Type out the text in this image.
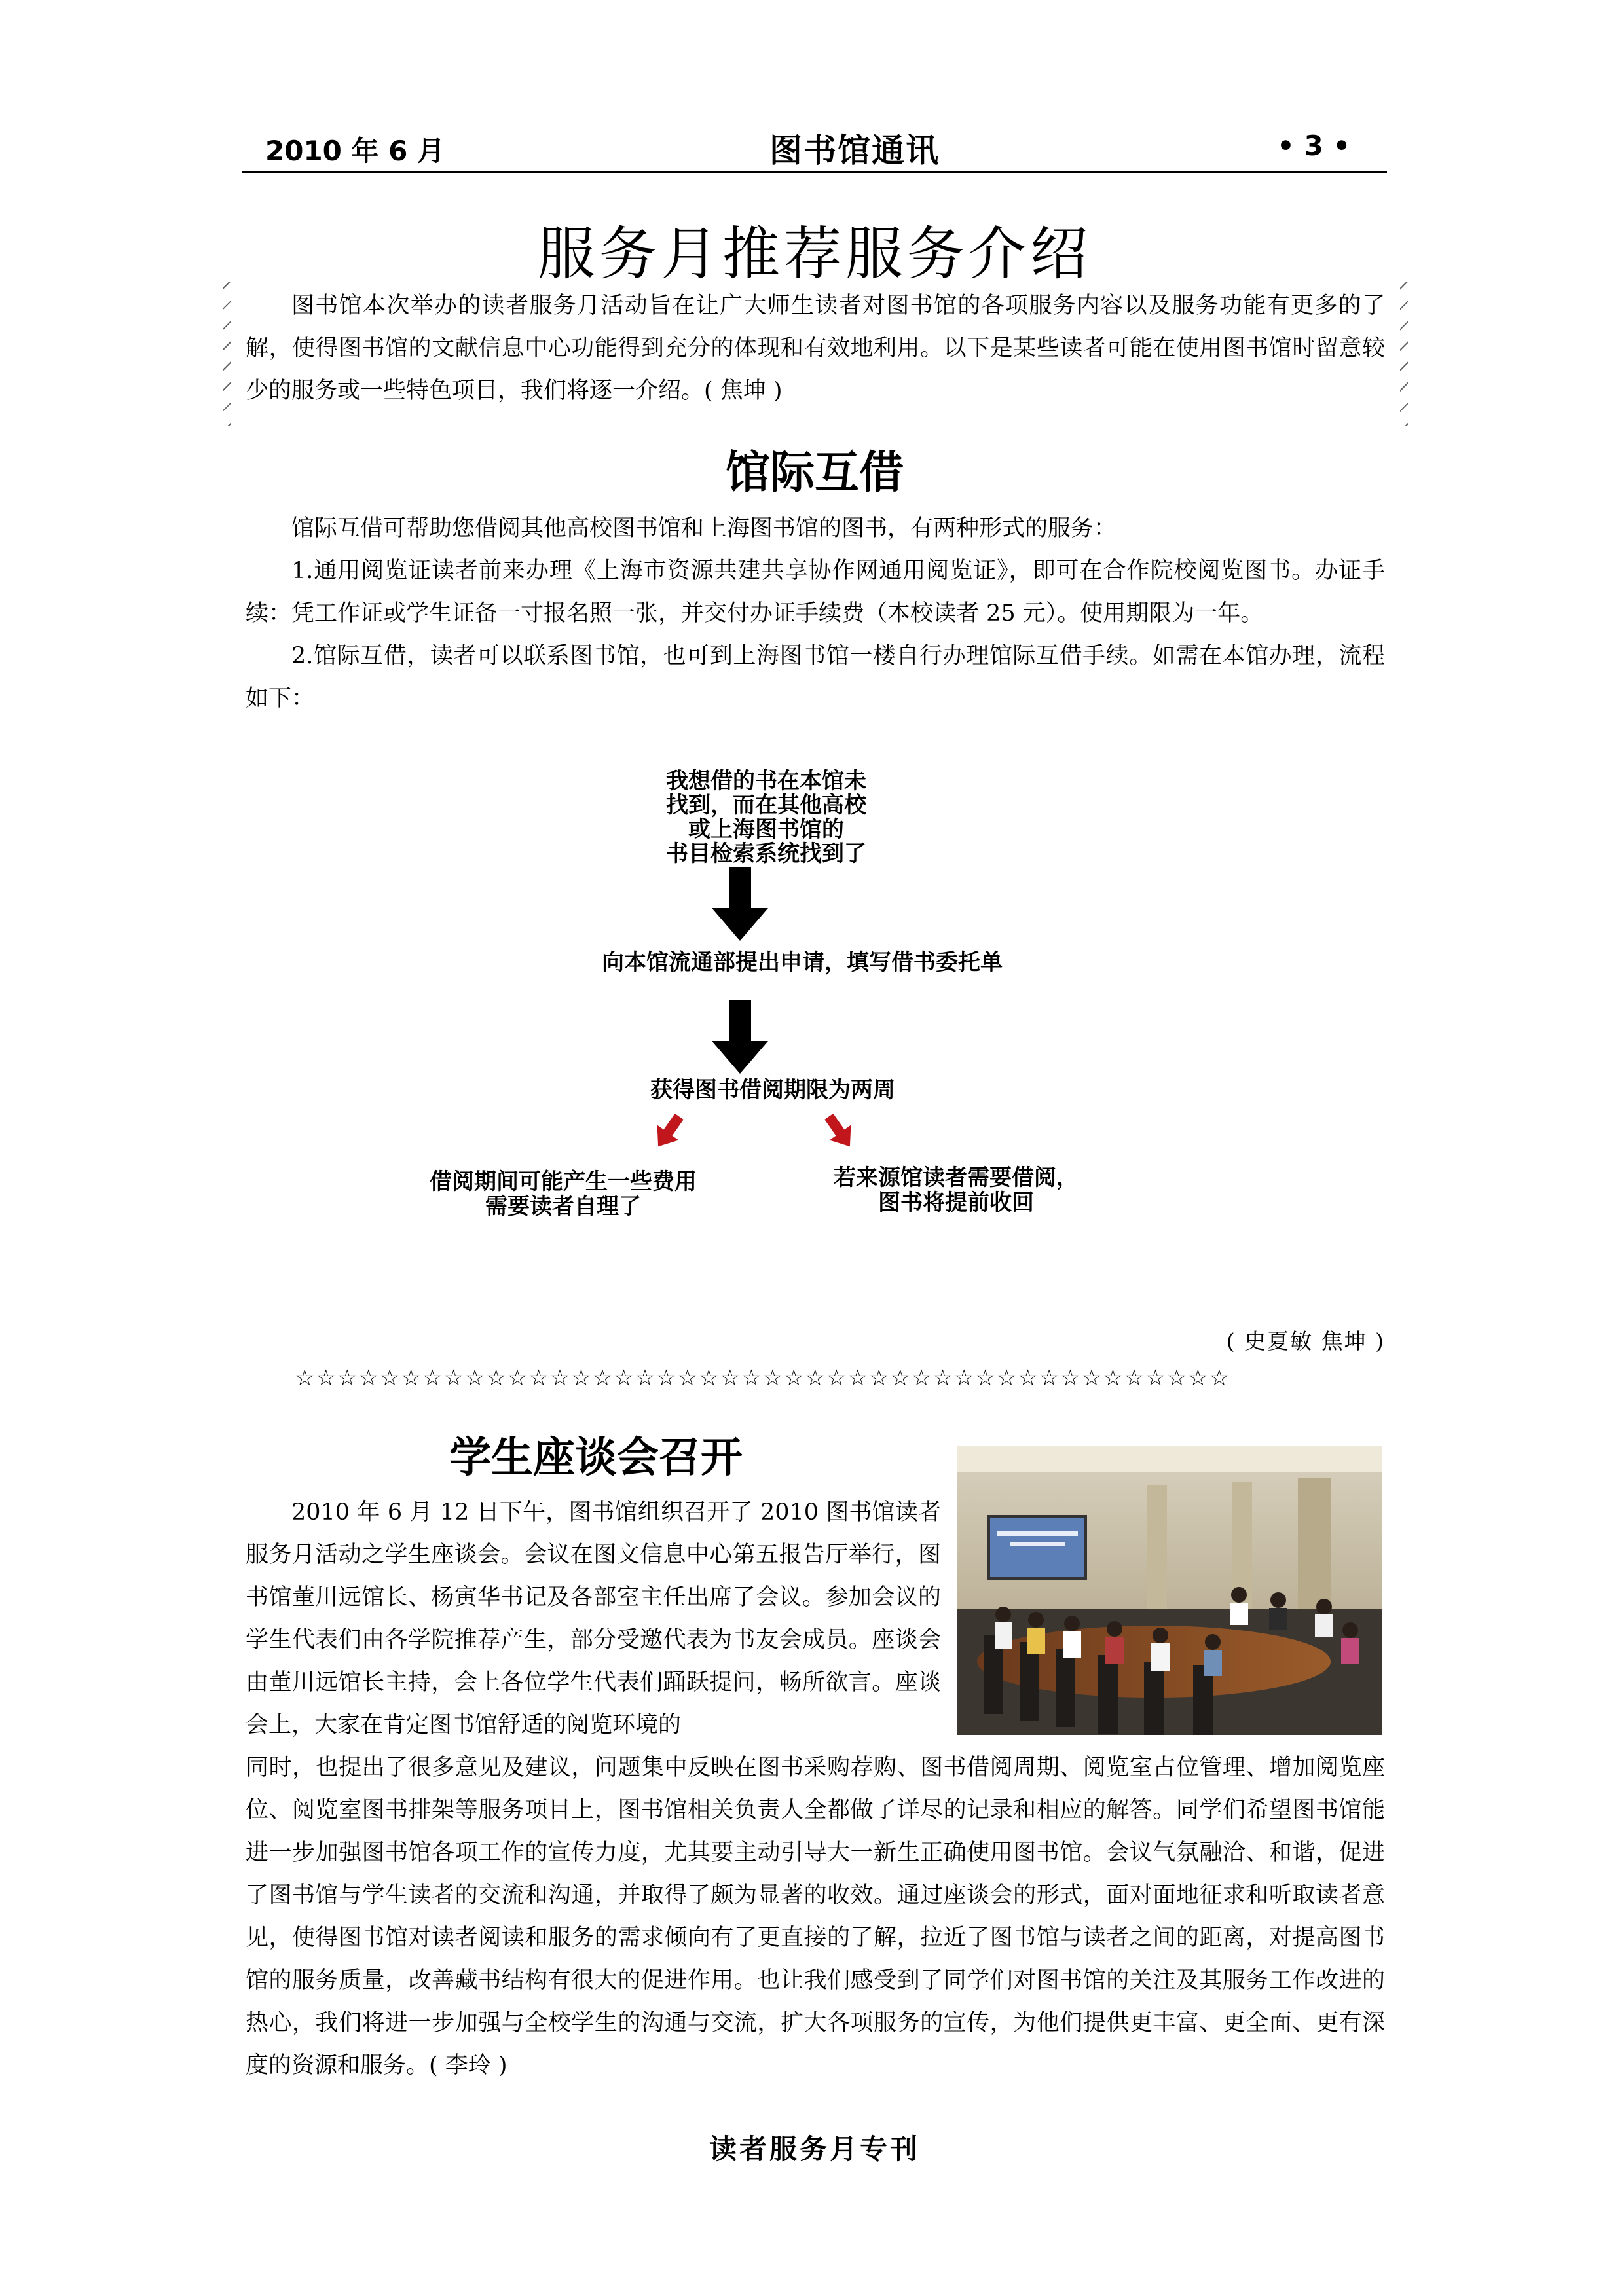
2010 年 6 月	图书馆通讯	• 3 •
服务月推荐服务介绍

图书馆本次举办的读者服务月活动旨在让广大师生读者对图书馆的各项服务内容以及服务功能有更多的了解，使得图书馆的文献信息中心功能得到充分的体现和有效地利用。以下是某些读者可能在使用图书馆时留意较少的服务或一些特色项目，我们将逐一介绍。( 焦坤 )

馆际互借

馆际互借可帮助您借阅其他高校图书馆和上海图书馆的图书，有两种形式的服务：

1.通用阅览证读者前来办理《上海市资源共建共享协作网通用阅览证》，即可在合作院校阅览图书。办证手续：凭工作证或学生证备一寸报名照一张，并交付办证手续费（本校读者 25 元）。使用期限为一年。

2.馆际互借，读者可以联系图书馆，也可到上海图书馆一楼自行办理馆际互借手续。如需在本馆办理，流程如下：

我想借的书在本馆未
找到，而在其他高校
或上海图书馆的
书目检索系统找到了
向本馆流通部提出申请，填写借书委托单
获得图书借阅期限为两周
借阅期间可能产生一些费用
需要读者自理了
若来源馆读者需要借阅，
图书将提前收回
( 史夏敏 焦坤 )
☆☆☆☆☆☆☆☆☆☆☆☆☆☆☆☆☆☆☆☆☆☆☆☆☆☆☆☆☆☆☆☆☆☆☆☆☆☆☆☆☆☆☆☆
学生座谈会召开

2010 年 6 月 12 日下午，图书馆组织召开了 2010 图书馆读者服务月活动之学生座谈会。会议在图文信息中心第五报告厅举行，图书馆董川远馆长、杨寅华书记及各部室主任出席了会议。参加会议的学生代表们由各学院推荐产生，部分受邀代表为书友会成员。座谈会由董川远馆长主持，会上各位学生代表们踊跃提问，畅所欲言。座谈会上，大家在肯定图书馆舒适的阅览环境的

同时，也提出了很多意见及建议，问题集中反映在图书采购荐购、图书借阅周期、阅览室占位管理、增加阅览座位、阅览室图书排架等服务项目上，图书馆相关负责人全都做了详尽的记录和相应的解答。同学们希望图书馆能进一步加强图书馆各项工作的宣传力度，尤其要主动引导大一新生正确使用图书馆。会议气氛融洽、和谐，促进了图书馆与学生读者的交流和沟通，并取得了颇为显著的收效。通过座谈会的形式，面对面地征求和听取读者意见，使得图书馆对读者阅读和服务的需求倾向有了更直接的了解，拉近了图书馆与读者之间的距离，对提高图书馆的服务质量，改善藏书结构有很大的促进作用。也让我们感受到了同学们对图书馆的关注及其服务工作改进的热心，我们将进一步加强与全校学生的沟通与交流，扩大各项服务的宣传，为他们提供更丰富、更全面、更有深度的资源和服务。( 李玲 )

读者服务月专刊
